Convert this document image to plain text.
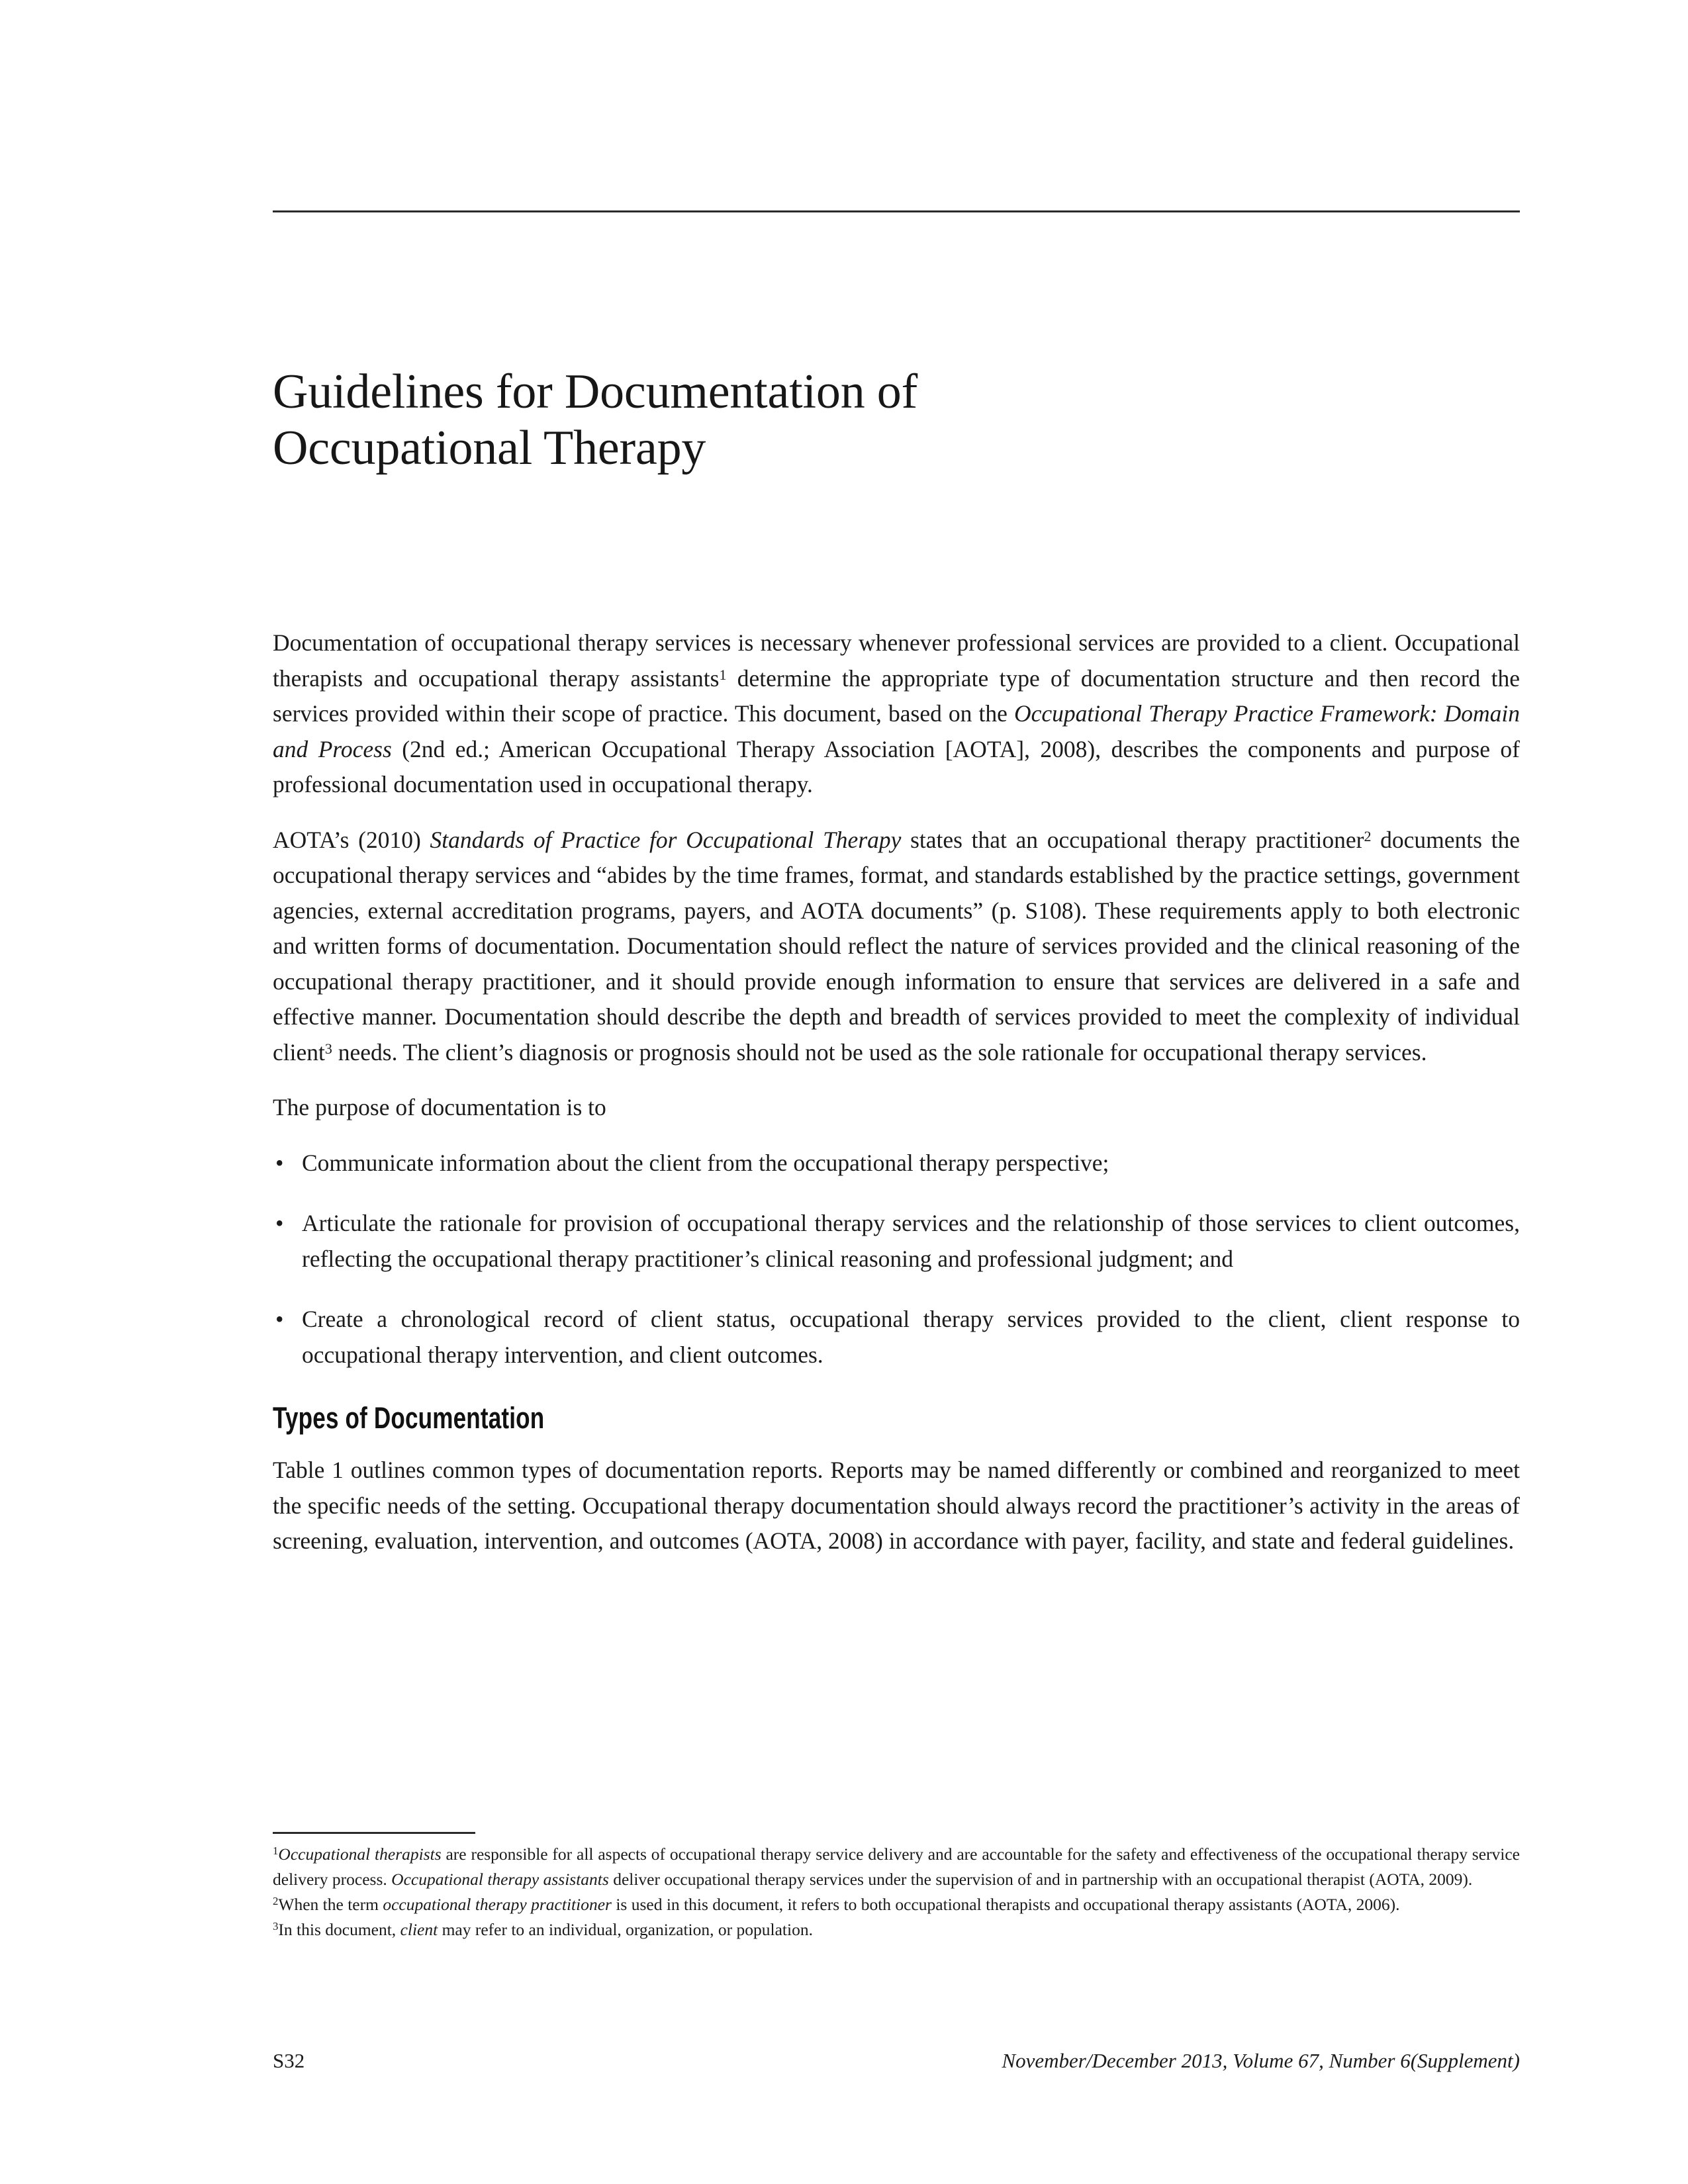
Guidelines for Documentation of
Occupational Therapy

Documentation of occupational therapy services is necessary whenever professional services are provided to a client. Occupational therapists and occupational therapy assistants$^1$ determine the appropriate type of documentation structure and then record the services provided within their scope of practice. This document, based on the Occupational Therapy Practice Framework: Domain and Process (2nd ed.; American Occupational Therapy Association [AOTA], 2008), describes the components and purpose of professional documentation used in occupational therapy.

AOTA’s (2010) Standards of Practice for Occupational Therapy states that an occupational therapy practitioner$^2$ documents the occupational therapy services and “abides by the time frames, format, and standards established by the practice settings, government agencies, external accreditation programs, payers, and AOTA documents” (p. S108). These requirements apply to both electronic and written forms of documentation. Documentation should reflect the nature of services provided and the clinical reasoning of the occupational therapy practitioner, and it should provide enough information to ensure that services are delivered in a safe and effective manner. Documentation should describe the depth and breadth of services provided to meet the complexity of individual client$^3$ needs. The client’s diagnosis or prognosis should not be used as the sole rationale for occupational therapy services.

The purpose of documentation is to

• Communicate information about the client from the occupational therapy perspective;
• Articulate the rationale for provision of occupational therapy services and the relationship of those services to client outcomes, reflecting the occupational therapy practitioner’s clinical reasoning and professional judgment; and
• Create a chronological record of client status, occupational therapy services provided to the client, client response to occupational therapy intervention, and client outcomes.
Types of Documentation

Table 1 outlines common types of documentation reports. Reports may be named differently or combined and reorganized to meet the specific needs of the setting. Occupational therapy documentation should always record the practitioner’s activity in the areas of screening, evaluation, intervention, and outcomes (AOTA, 2008) in accordance with payer, facility, and state and federal guidelines.

$^1$Occupational therapists are responsible for all aspects of occupational therapy service delivery and are accountable for the safety and effectiveness of the occupational therapy service delivery process. Occupational therapy assistants deliver occupational therapy services under the supervision of and in partnership with an occupational therapist (AOTA, 2009).

$^2$When the term occupational therapy practitioner is used in this document, it refers to both occupational therapists and occupational therapy assistants (AOTA, 2006).

$^3$In this document, client may refer to an individual, organization, or population.

S32	November/December 2013, Volume 67, Number 6(Supplement)
